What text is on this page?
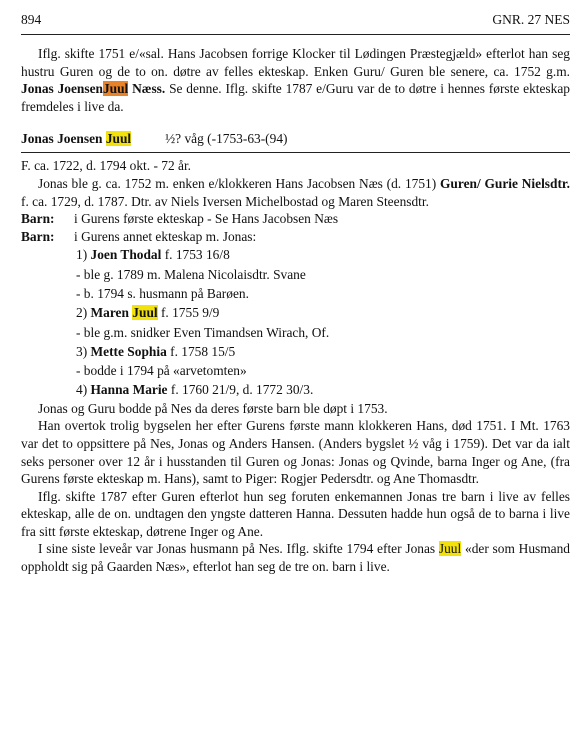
894	GNR. 27 NES

Iflg. skifte 1751 e/«sal. Hans Jacobsen forrige Klocker til Lødingen Præstegjæld» efterlot han seg hustru Guren og de to on. døtre av felles ekteskap. Enken Guru/ Guren ble senere, ca. 1752 g.m. Jonas JoensenJuul Næss. Se denne. Iflg. skifte 1787 e/Guru var de to døtre i hennes første ekteskap fremdeles i live da.

Jonas Joensen Juul	½? våg (-1753-63-(94)

F. ca. 1722, d. 1794 okt. - 72 år.

Jonas ble g. ca. 1752 m. enken e/klokkeren Hans Jacobsen Næs (d. 1751) Guren/ Gurie Nielsdtr. f. ca. 1729, d. 1787. Dtr. av Niels Iversen Michelbostad og Maren Steensdtr.

Barn:	i Gurens første ekteskap - Se Hans Jacobsen Næs
Barn:	i Gurens annet ekteskap m. Jonas:
1) Joen Thodal f. 1753 16/8
- ble g. 1789 m. Malena Nicolaisdtr. Svane
- b. 1794 s. husmann på Barøen.
2) Maren Juul f. 1755 9/9
- ble g.m. snidker Even Timandsen Wirach, Of.
3) Mette Sophia f. 1758 15/5
- bodde i 1794 på «arvetomten»
4) Hanna Marie f. 1760 21/9, d. 1772 30/3.

Jonas og Guru bodde på Nes da deres første barn ble døpt i 1753.

Han overtok trolig bygselen her efter Gurens første mann klokkeren Hans, død 1751. I Mt. 1763 var det to oppsittere på Nes, Jonas og Anders Hansen. (Anders bygslet ½ våg i 1759). Det var da ialt seks personer over 12 år i husstanden til Guren og Jonas: Jonas og Qvinde, barna Inger og Ane, (fra Gurens første ekteskap m. Hans), samt to Piger: Rogjer Pedersdtr. og Ane Thomasdtr.

Iflg. skifte 1787 efter Guren efterlot hun seg foruten enkemannen Jonas tre barn i live av felles ekteskap, alle de on. undtagen den yngste datteren Hanna. Dessuten hadde hun også de to barna i live fra sitt første ekteskap, døtrene Inger og Ane.

I sine siste leveår var Jonas husmann på Nes. Iflg. skifte 1794 efter Jonas Juul «der som Husmand oppholdt sig på Gaarden Næs», efterlot han seg de tre on. barn i live.
